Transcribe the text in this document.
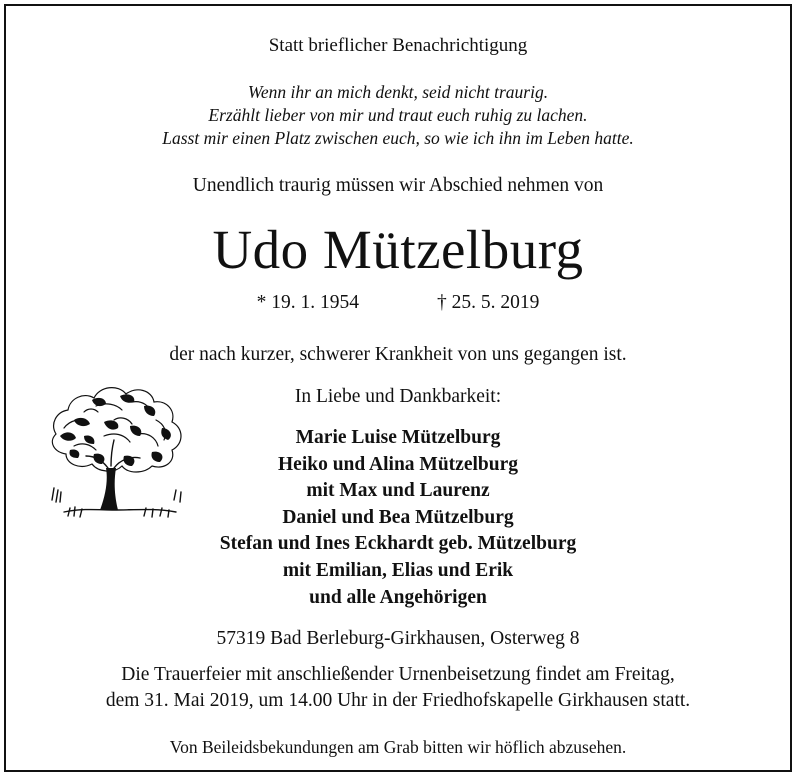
Statt brieflicher Benachrichtigung
Wenn ihr an mich denkt, seid nicht traurig.
Erzählt lieber von mir und traut euch ruhig zu lachen.
Lasst mir einen Platz zwischen euch, so wie ich ihn im Leben hatte.
Unendlich traurig müssen wir Abschied nehmen von
Udo Mützelburg
* 19. 1. 1954	† 25. 5. 2019
der nach kurzer, schwerer Krankheit von uns gegangen ist.
In Liebe und Dankbarkeit:
Marie Luise Mützelburg
Heiko und Alina Mützelburg
mit Max und Laurenz
Daniel und Bea Mützelburg
Stefan und Ines Eckhardt geb. Mützelburg
mit Emilian, Elias und Erik
und alle Angehörigen
57319 Bad Berleburg-Girkhausen, Osterweg 8
Die Trauerfeier mit anschließender Urnenbeisetzung findet am Freitag,
dem 31. Mai 2019, um 14.00 Uhr in der Friedhofskapelle Girkhausen statt.
Von Beileidsbekundungen am Grab bitten wir höflich abzusehen.
